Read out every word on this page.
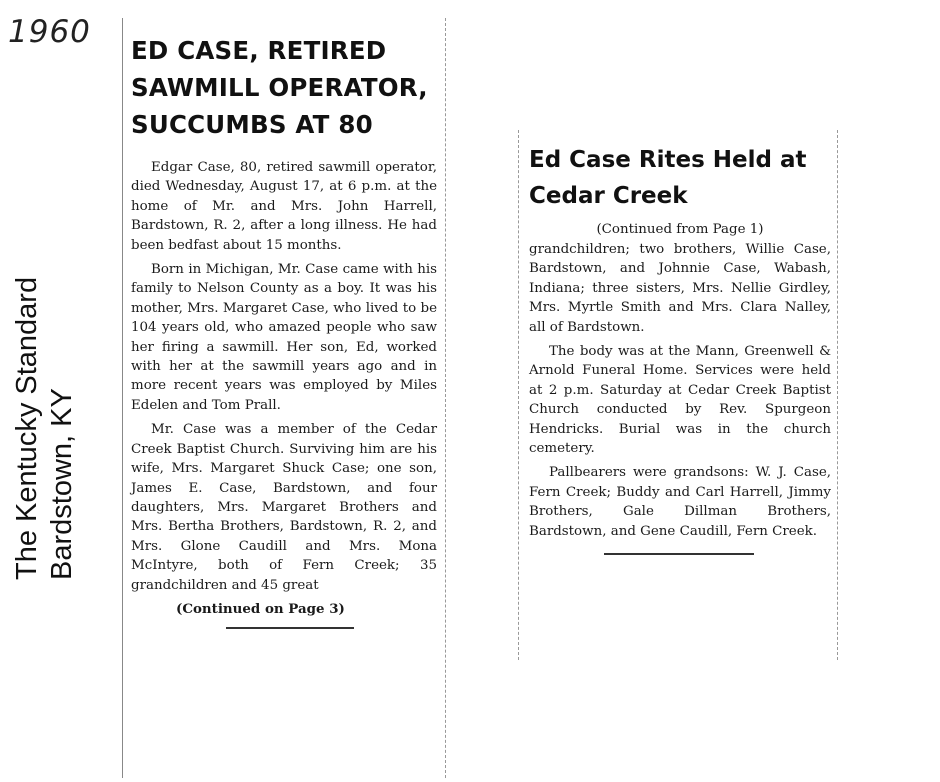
1960
The Kentucky Standard Bardstown, KY
ED CASE, RETIRED SAWMILL OPERATOR, SUCCUMBS AT 80

Edgar Case, 80, retired sawmill operator, died Wednesday, August 17, at 6 p.m. at the home of Mr. and Mrs. John Harrell, Bardstown, R. 2, after a long illness. He had been bedfast about 15 months.

Born in Michigan, Mr. Case came with his family to Nelson County as a boy. It was his mother, Mrs. Margaret Case, who lived to be 104 years old, who amazed people who saw her firing a sawmill. Her son, Ed, worked with her at the sawmill years ago and in more recent years was employed by Miles Edelen and Tom Prall.

Mr. Case was a member of the Cedar Creek Baptist Church. Surviving him are his wife, Mrs. Margaret Shuck Case; one son, James E. Case, Bardstown, and four daughters, Mrs. Margaret Brothers and Mrs. Bertha Brothers, Bardstown, R. 2, and Mrs. Glone Caudill and Mrs. Mona McIntyre, both of Fern Creek; 35 grandchildren and 45 great

(Continued on Page 3)
Ed Case Rites Held at Cedar Creek
(Continued from Page 1)

grandchildren; two brothers, Willie Case, Bardstown, and Johnnie Case, Wabash, Indiana; three sisters, Mrs. Nellie Girdley, Mrs. Myrtle Smith and Mrs. Clara Nalley, all of Bardstown.

The body was at the Mann, Greenwell & Arnold Funeral Home. Services were held at 2 p.m. Saturday at Cedar Creek Baptist Church conducted by Rev. Spurgeon Hendricks. Burial was in the church cemetery.

Pallbearers were grandsons: W. J. Case, Fern Creek; Buddy and Carl Harrell, Jimmy Brothers, Gale Dillman Brothers, Bardstown, and Gene Caudill, Fern Creek.
